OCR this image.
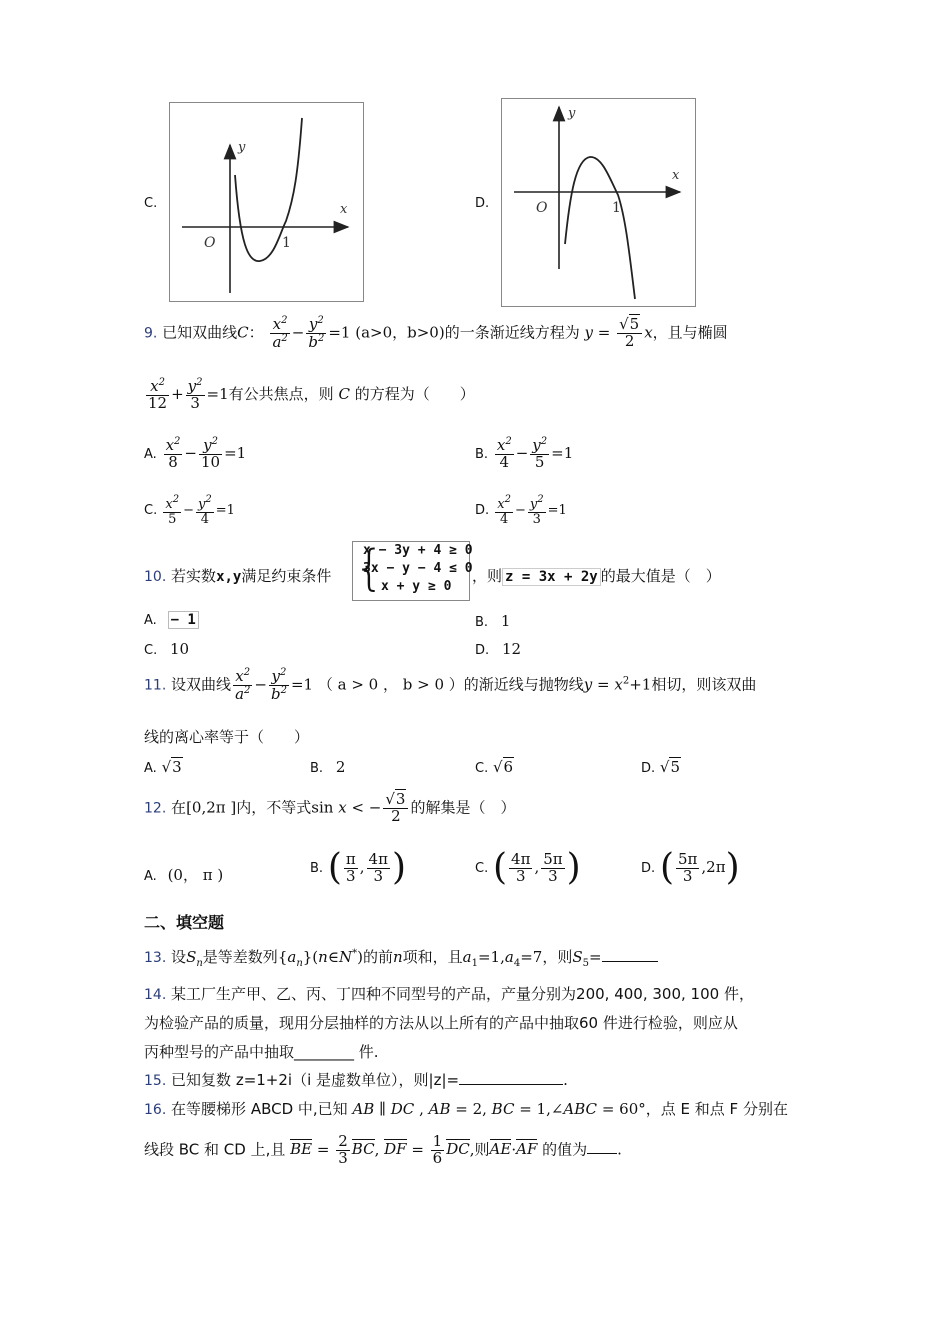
C.
y
x
O	1
D.
y
x
O	1
9. 已知双曲线C： $\frac{x^2}{a^2} - \frac{y^2}{b^2} =1$ (a>0，b>0)的一条渐近线方程为 $y = \frac{√5}{2}$ x，且与椭圆
$\frac{x^2}{12} + \frac{y^2}{3} =1$有公共焦点，则 C 的方程为（　　）
A. $\frac{x^2}{8} - \frac{y^2}{10} =1$	B. $\frac{x^2}{4} - \frac{y^2}{5} =1$
C. $\frac{x^2}{5} - \frac{y^2}{4} =1$	D. $\frac{x^2}{4} - \frac{y^2}{3} =1$
10. 若实数x,y满足约束条件 {
x − 3y + 4 ≥ 0
3x − y − 4 ≤ 0
x + y ≥ 0
，则 z = 3x + 2y 的最大值是（　）
A. − 1	B. 1
C. 10	D. 12
11. 设双曲线 $\frac{x^2}{a^2} - \frac{y^2}{b^2} =1$ （ a > 0 ， b > 0 ）的渐近线与抛物线$y = x^2+1$相切，则该双曲
线的离心率等于（　　）
A. √3	B. 2	C. √6	D. √5
12. 在[0,2π ]内，不等式sin x < − $\frac{√3}{2}$ 的解集是（　）
A. (0， π )	B. ( $\frac{\pi}{3}$ , $\frac{4\pi}{3}$ )	C. ( $\frac{4\pi}{3}$ , $\frac{5\pi}{3}$ )	D. ( $\frac{5\pi}{3} ,2\pi$)
二、填空题
13. 设$S_n$是等差数列$\{a_n\}(n\in N^*)$的前n项和，且$a_1=1,a_4=7$，则$S_5=$
14. 某工厂生产甲、乙、丙、丁四种不同型号的产品，产量分别为200, 400, 300, 100 件，
为检验产品的质量，现用分层抽样的方法从以上所有的产品中抽取60 件进行检验，则应从
丙种型号的产品中抽取________ 件.
15. 已知复数 z=1+2i（i 是虚数单位），则|z|=	.
16. 在等腰梯形 ABCD 中,已知 AB ∥ DC , AB = 2, BC = 1,∠ABC = 60°，点 E 和点 F 分别在
线段 BC 和 CD 上,且 BE = $\frac{2}{3}$ BC, DF = $\frac{1}{6}$ DC,则AE·AF 的值为 .
